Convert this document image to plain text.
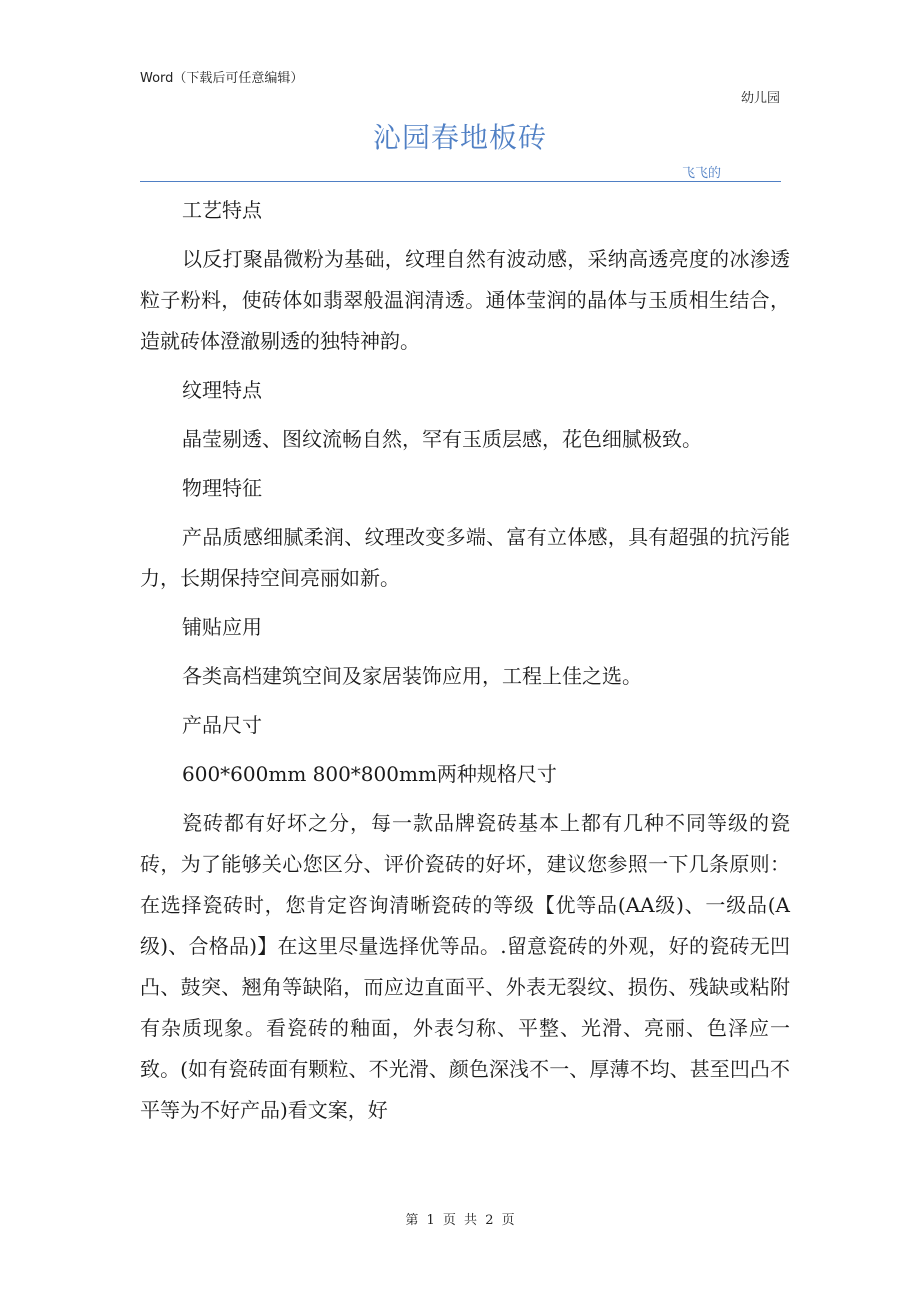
Word（下载后可任意编辑）
幼儿园
沁园春地板砖
飞飞的

工艺特点

以反打聚晶微粉为基础，纹理自然有波动感，采纳高透亮度的冰渗透粒子粉料，使砖体如翡翠般温润清透。通体莹润的晶体与玉质相生结合，造就砖体澄澈剔透的独特神韵。

纹理特点

晶莹剔透、图纹流畅自然，罕有玉质层感，花色细腻极致。

物理特征

产品质感细腻柔润、纹理改变多端、富有立体感，具有超强的抗污能力，长期保持空间亮丽如新。

铺贴应用

各类高档建筑空间及家居装饰应用，工程上佳之选。

产品尺寸

600*600mm 800*800mm两种规格尺寸

瓷砖都有好坏之分，每一款品牌瓷砖基本上都有几种不同等级的瓷砖，为了能够关心您区分、评价瓷砖的好坏，建议您参照一下几条原则：在选择瓷砖时，您肯定咨询清晰瓷砖的等级【优等品(AA级)、一级品(A级)、合格品)】在这里尽量选择优等品。.留意瓷砖的外观，好的瓷砖无凹凸、鼓突、翘角等缺陷，而应边直面平、外表无裂纹、损伤、残缺或粘附有杂质现象。看瓷砖的釉面，外表匀称、平整、光滑、亮丽、色泽应一致。(如有瓷砖面有颗粒、不光滑、颜色深浅不一、厚薄不均、甚至凹凸不平等为不好产品)看文案，好

第 1 页 共 2 页
